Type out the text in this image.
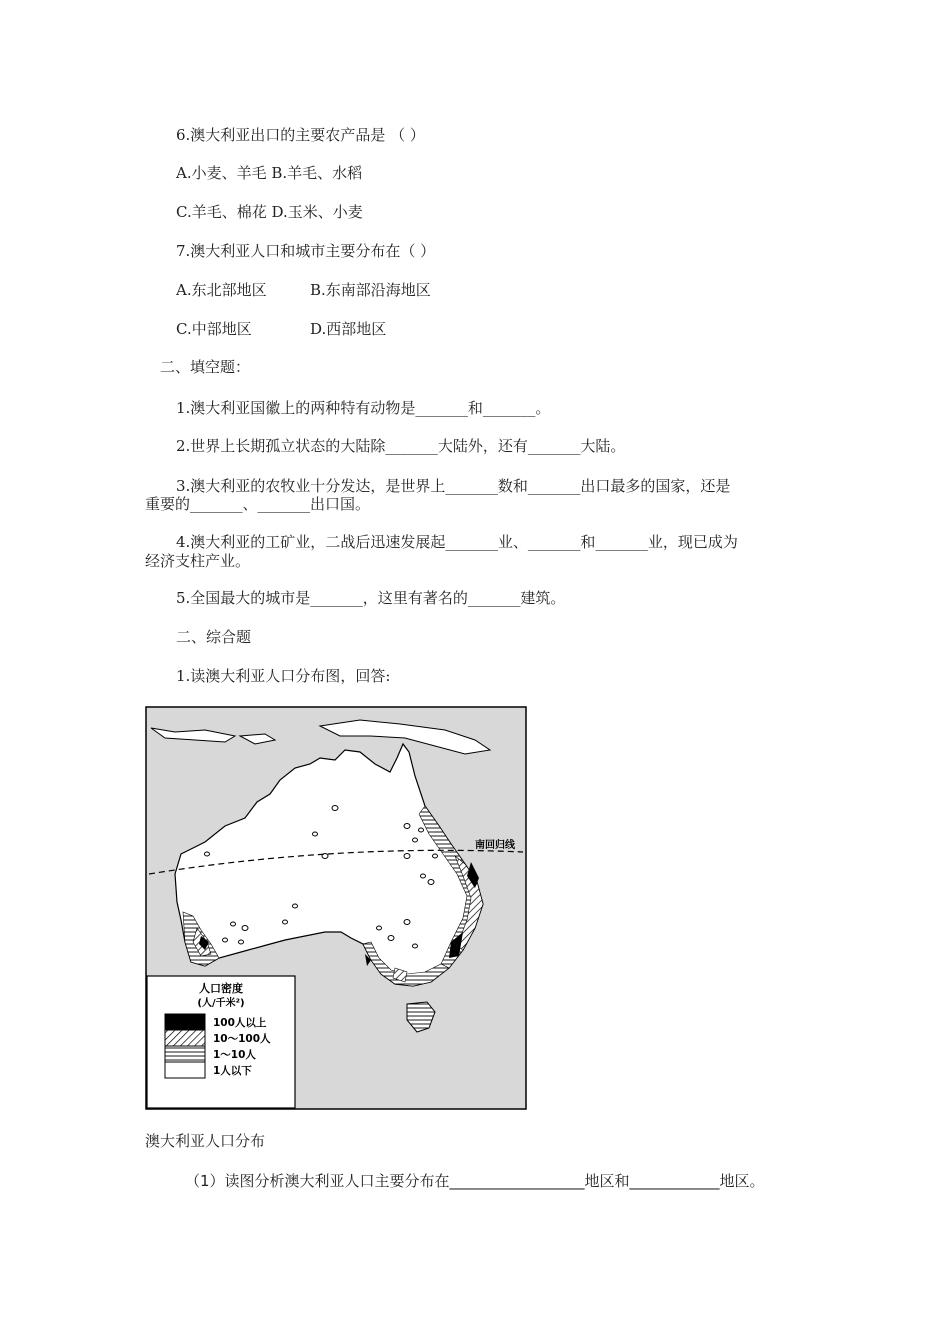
6.澳大利亚出口的主要农产品是 （ ）
A.小麦、羊毛 B.羊毛、水稻
C.羊毛、棉花 D.玉米、小麦
7.澳大利亚人口和城市主要分布在（ ）
A.东北部地区	B.东南部沿海地区
C.中部地区	D.西部地区
二、填空题：
1.澳大利亚国徽上的两种特有动物是_______和_______。
2.世界上长期孤立状态的大陆除_______大陆外，还有_______大陆。
3.澳大利亚的农牧业十分发达，是世界上_______数和_______出口最多的国家，还是
重要的_______、_______出口国。
4.澳大利亚的工矿业，二战后迅速发展起_______业、_______和_______业，现已成为
经济支柱产业。
5.全国最大的城市是_______，这里有著名的_______建筑。
二、综合题
1.读澳大利亚人口分布图，回答:
南回归线
人口密度
(人/千米²)
100人以上
10～100人
1～10人
1人以下
澳大利亚人口分布
（1）读图分析澳大利亚人口主要分布在__________________地区和____________地区。
